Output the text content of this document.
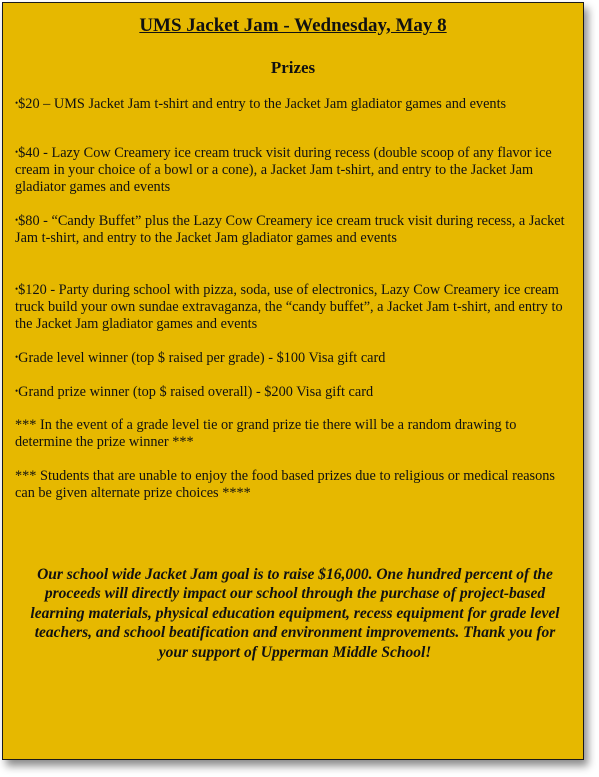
UMS Jacket Jam - Wednesday, May 8
Prizes

•$20 – UMS Jacket Jam t-shirt and entry to the Jacket Jam gladiator games and events

•$40 - Lazy Cow Creamery ice cream truck visit during recess (double scoop of any flavor ice cream in your choice of a bowl or a cone), a Jacket Jam t-shirt, and entry to the Jacket Jam gladiator games and events

•$80 - “Candy Buffet” plus the Lazy Cow Creamery ice cream truck visit during recess, a Jacket Jam t-shirt, and entry to the Jacket Jam gladiator games and events

•$120 - Party during school with pizza, soda, use of electronics, Lazy Cow Creamery ice cream truck build your own sundae extravaganza, the “candy buffet”, a Jacket Jam t-shirt, and entry to the Jacket Jam gladiator games and events

•Grade level winner (top $ raised per grade) - $100 Visa gift card

•Grand prize winner (top $ raised overall) - $200 Visa gift card

*** In the event of a grade level tie or grand prize tie there will be a random drawing to determine the prize winner ***

*** Students that are unable to enjoy the food based prizes due to religious or medical reasons can be given alternate prize choices ****

Our school wide Jacket Jam goal is to raise $16,000. One hundred percent of the proceeds will directly impact our school through the purchase of project-based learning materials, physical education equipment, recess equipment for grade level teachers, and school beatification and environment improvements. Thank you for your support of Upperman Middle School!
